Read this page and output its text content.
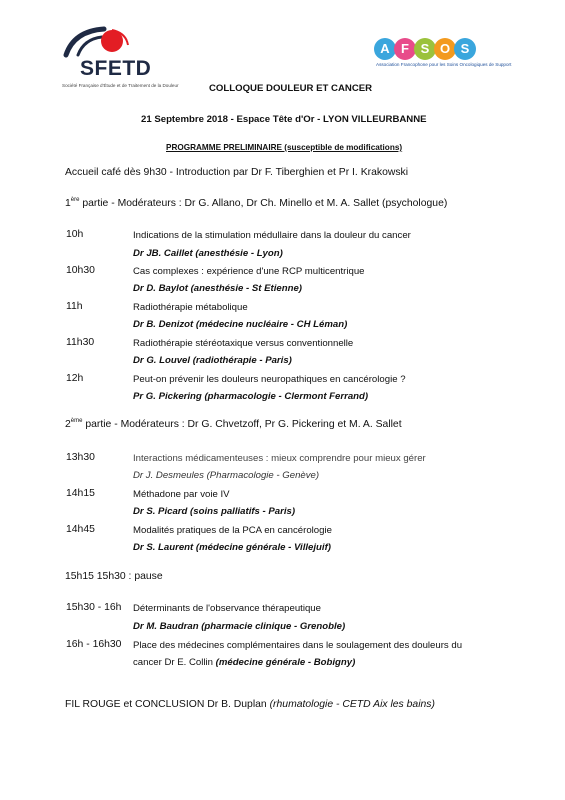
SFETD
Société Française d'Étude et de Traitement de la Douleur
A F S O S
Association Francophone pour les Soins Oncologiques de Support
COLLOQUE DOULEUR ET CANCER
21 Septembre 2018 - Espace Tête d'Or - LYON VILLEURBANNE
PROGRAMME PRELIMINAIRE (susceptible de modifications)
Accueil café dès 9h30 - Introduction par Dr F. Tiberghien et Pr I. Krakowski
1ère partie - Modérateurs : Dr G. Allano, Dr Ch. Minello et M. A. Sallet (psychologue)
10h	Indications de la stimulation médullaire dans la douleur du cancer
Dr JB. Caillet (anesthésie - Lyon)
10h30	Cas complexes : expérience d'une RCP multicentrique
Dr D. Baylot (anesthésie - St Etienne)
11h	Radiothérapie métabolique
Dr B. Denizot (médecine nucléaire - CH Léman)
11h30	Radiothérapie stéréotaxique versus conventionnelle
Dr G. Louvel (radiothérapie - Paris)
12h	Peut-on prévenir les douleurs neuropathiques en cancérologie ?
Pr G. Pickering (pharmacologie - Clermont Ferrand)
2ème partie - Modérateurs : Dr G. Chvetzoff, Pr G. Pickering et M. A. Sallet
13h30	Interactions médicamenteuses : mieux comprendre pour mieux gérer
Dr J. Desmeules (Pharmacologie - Genève)
14h15	Méthadone par voie IV
Dr S. Picard (soins palliatifs - Paris)
14h45	Modalités pratiques de la PCA en cancérologie
Dr S. Laurent (médecine générale - Villejuif)
15h15 15h30 : pause
15h30 - 16h Déterminants de l'observance thérapeutique
Dr M. Baudran (pharmacie clinique - Grenoble)
16h - 16h30 Place des médecines complémentaires dans le soulagement des douleurs du
cancer Dr E. Collin (médecine générale - Bobigny)
FIL ROUGE et CONCLUSION Dr B. Duplan (rhumatologie - CETD Aix les bains)
